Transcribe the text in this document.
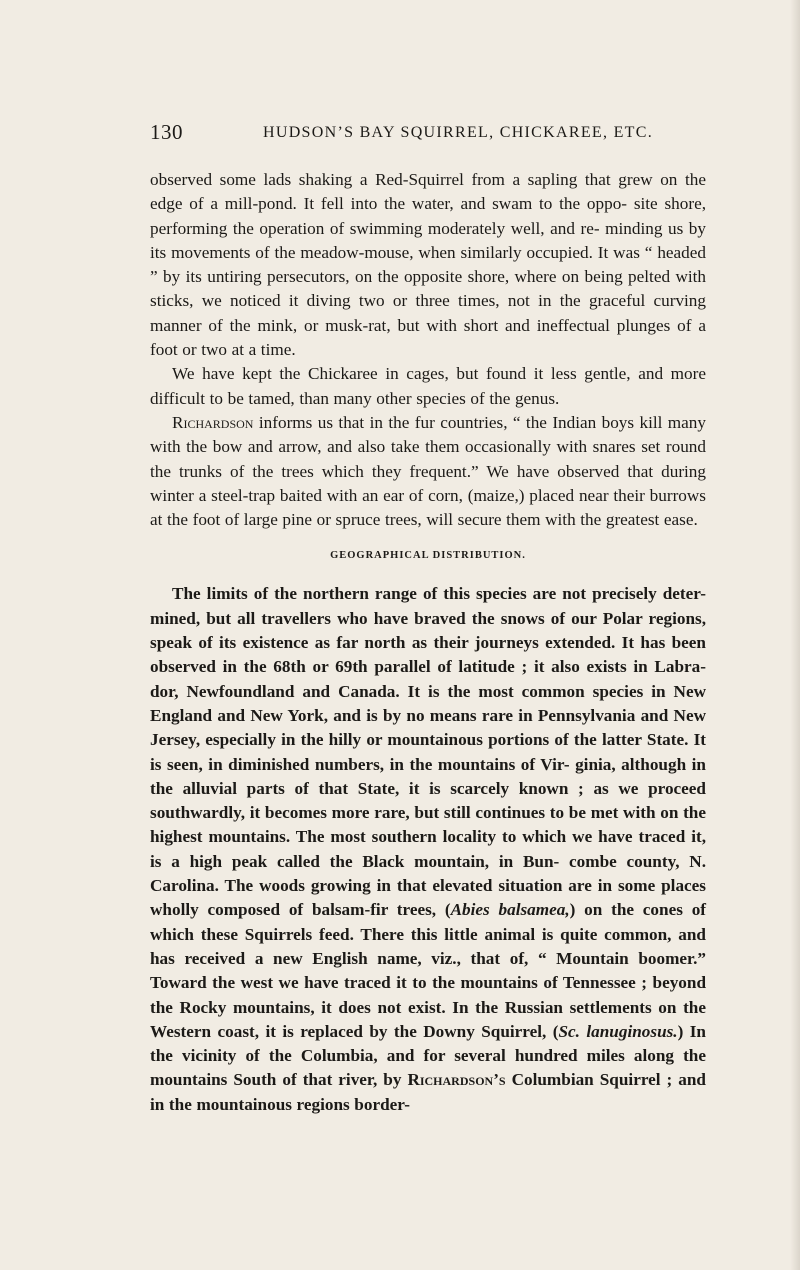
130	HUDSON’S BAY SQUIRREL, CHICKAREE, ETC.

observed some lads shaking a Red-Squirrel from a sapling that grew on the edge of a mill-pond. It fell into the water, and swam to the oppo- site shore, performing the operation of swimming moderately well, and re- minding us by its movements of the meadow-mouse, when similarly occupied. It was “ headed ” by its untiring persecutors, on the opposite shore, where on being pelted with sticks, we noticed it diving two or three times, not in the graceful curving manner of the mink, or musk-rat, but with short and ineffectual plunges of a foot or two at a time.

We have kept the Chickaree in cages, but found it less gentle, and more difficult to be tamed, than many other species of the genus.

Richardson informs us that in the fur countries, “ the Indian boys kill many with the bow and arrow, and also take them occasionally with snares set round the trunks of the trees which they frequent.” We have observed that during winter a steel-trap baited with an ear of corn, (maize,) placed near their burrows at the foot of large pine or spruce trees, will secure them with the greatest ease.

GEOGRAPHICAL DISTRIBUTION.

The limits of the northern range of this species are not precisely deter- mined, but all travellers who have braved the snows of our Polar regions, speak of its existence as far north as their journeys extended. It has been observed in the 68th or 69th parallel of latitude ; it also exists in Labra- dor, Newfoundland and Canada. It is the most common species in New England and New York, and is by no means rare in Pennsylvania and New Jersey, especially in the hilly or mountainous portions of the latter State. It is seen, in diminished numbers, in the mountains of Vir- ginia, although in the alluvial parts of that State, it is scarcely known ; as we proceed southwardly, it becomes more rare, but still continues to be met with on the highest mountains. The most southern locality to which we have traced it, is a high peak called the Black mountain, in Bun- combe county, N. Carolina. The woods growing in that elevated situation are in some places wholly composed of balsam-fir trees, (Abies balsamea,) on the cones of which these Squirrels feed. There this little animal is quite common, and has received a new English name, viz., that of, “ Mountain boomer.” Toward the west we have traced it to the mountains of Tennessee ; beyond the Rocky mountains, it does not exist. In the Russian settlements on the Western coast, it is replaced by the Downy Squirrel, (Sc. lanuginosus.) In the vicinity of the Columbia, and for several hundred miles along the mountains South of that river, by Richardson’s Columbian Squirrel ; and in the mountainous regions border-
